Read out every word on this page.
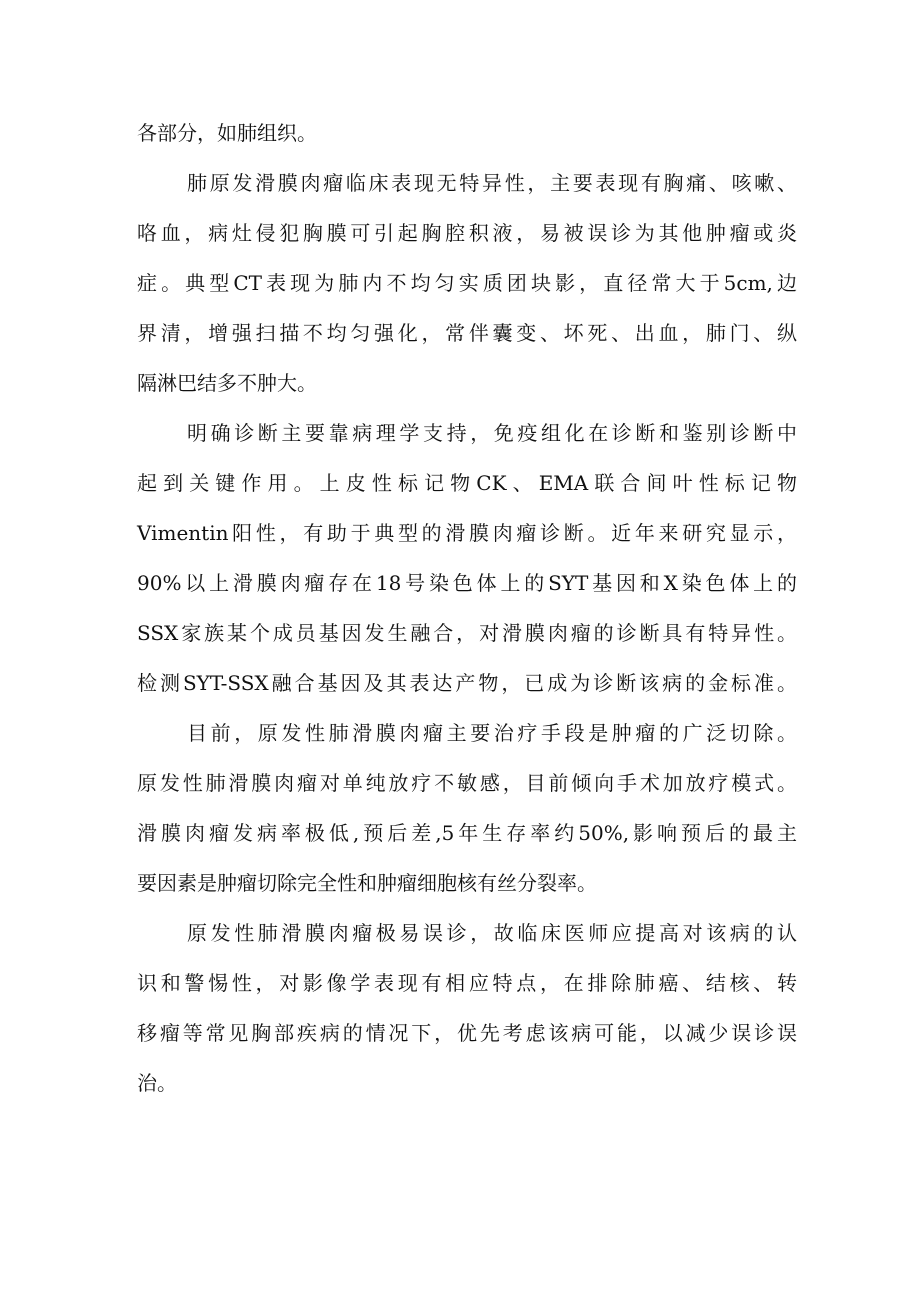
各部分，如肺组织。
肺原发滑膜肉瘤临床表现无特异性，主要表现有胸痛、咳嗽、
咯血，病灶侵犯胸膜可引起胸腔积液，易被误诊为其他肿瘤或炎
症。典型CT表现为肺内不均匀实质团块影，直径常大于5cm,边
界清，增强扫描不均匀强化，常伴囊变、坏死、出血，肺门、纵
隔淋巴结多不肿大。
明确诊断主要靠病理学支持，免疫组化在诊断和鉴别诊断中
起到关键作用。上皮性标记物CK、EMA联合间叶性标记物
Vimentin阳性，有助于典型的滑膜肉瘤诊断。近年来研究显示，
90%以上滑膜肉瘤存在18号染色体上的SYT基因和X染色体上的
SSX家族某个成员基因发生融合，对滑膜肉瘤的诊断具有特异性。
检测SYT-SSX融合基因及其表达产物，已成为诊断该病的金标准。
目前，原发性肺滑膜肉瘤主要治疗手段是肿瘤的广泛切除。
原发性肺滑膜肉瘤对单纯放疗不敏感，目前倾向手术加放疗模式。
滑膜肉瘤发病率极低,预后差,5年生存率约50%,影响预后的最主
要因素是肿瘤切除完全性和肿瘤细胞核有丝分裂率。
原发性肺滑膜肉瘤极易误诊，故临床医师应提高对该病的认
识和警惕性，对影像学表现有相应特点，在排除肺癌、结核、转
移瘤等常见胸部疾病的情况下，优先考虑该病可能，以减少误诊误
治。
